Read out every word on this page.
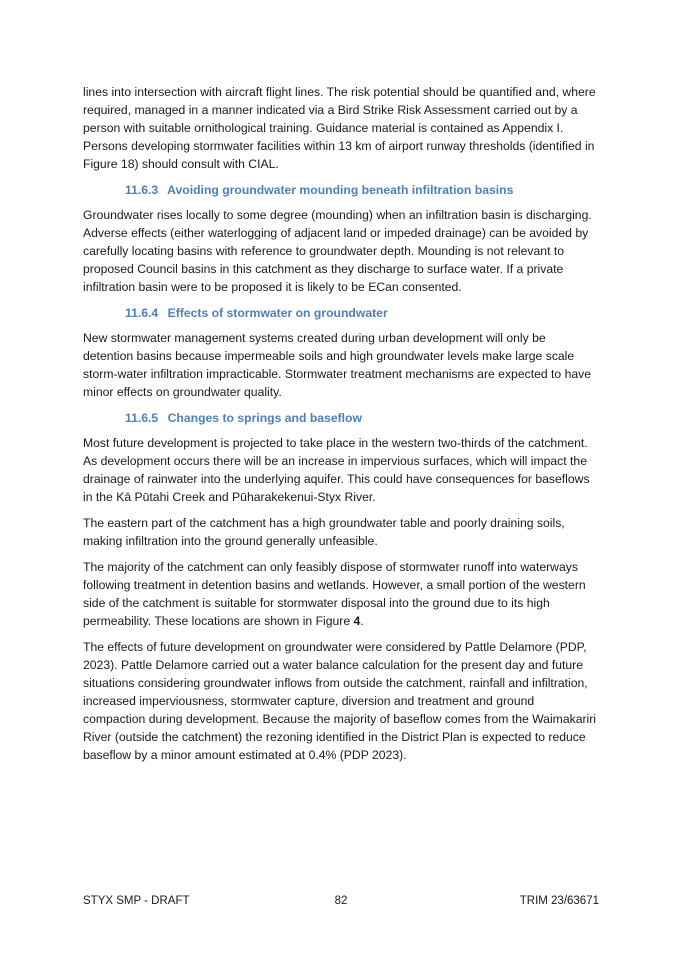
lines into intersection with aircraft flight lines. The risk potential should be quantified and, where required, managed in a manner indicated via a Bird Strike Risk Assessment carried out by a person with suitable ornithological training. Guidance material is contained as Appendix I. Persons developing stormwater facilities within 13 km of airport runway thresholds (identified in Figure 18) should consult with CIAL.

11.6.3 Avoiding groundwater mounding beneath infiltration basins

Groundwater rises locally to some degree (mounding) when an infiltration basin is discharging. Adverse effects (either waterlogging of adjacent land or impeded drainage) can be avoided by carefully locating basins with reference to groundwater depth. Mounding is not relevant to proposed Council basins in this catchment as they discharge to surface water. If a private infiltration basin were to be proposed it is likely to be ECan consented.

11.6.4 Effects of stormwater on groundwater

New stormwater management systems created during urban development will only be detention basins because impermeable soils and high groundwater levels make large scale storm-water infiltration impracticable. Stormwater treatment mechanisms are expected to have minor effects on groundwater quality.

11.6.5 Changes to springs and baseflow

Most future development is projected to take place in the western two-thirds of the catchment. As development occurs there will be an increase in impervious surfaces, which will impact the drainage of rainwater into the underlying aquifer. This could have consequences for baseflows in the Kā Pūtahi Creek and Pūharakekenui-Styx River.

The eastern part of the catchment has a high groundwater table and poorly draining soils, making infiltration into the ground generally unfeasible.

The majority of the catchment can only feasibly dispose of stormwater runoff into waterways following treatment in detention basins and wetlands. However, a small portion of the western side of the catchment is suitable for stormwater disposal into the ground due to its high permeability. These locations are shown in Figure 4.

The effects of future development on groundwater were considered by Pattle Delamore (PDP, 2023). Pattle Delamore carried out a water balance calculation for the present day and future situations considering groundwater inflows from outside the catchment, rainfall and infiltration, increased imperviousness, stormwater capture, diversion and treatment and ground compaction during development. Because the majority of baseflow comes from the Waimakariri River (outside the catchment) the rezoning identified in the District Plan is expected to reduce baseflow by a minor amount estimated at 0.4% (PDP 2023).

STYX SMP - DRAFT	82	TRIM 23/63671
